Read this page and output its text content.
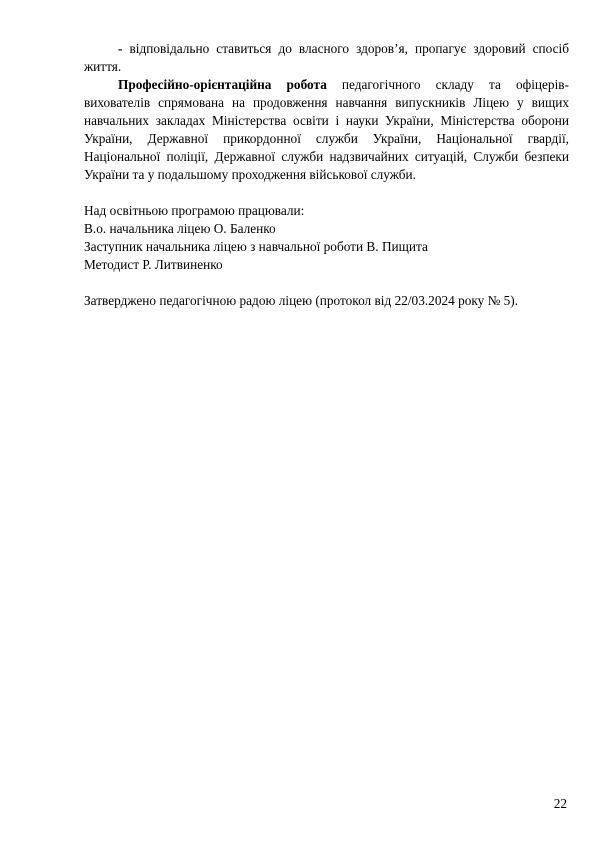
- відповідально ставиться до власного здоров’я, пропагує здоровий спосіб життя.

Професійно-орієнтаційна робота педагогічного складу та офіцерів-вихователів спрямована на продовження навчання випускників Ліцею у вищих навчальних закладах Міністерства освіти і науки України, Міністерства оборони України, Державної прикордонної служби України, Національної гвардії, Національної поліції, Державної служби надзвичайних ситуацій, Служби безпеки України та у подальшому проходження військової служби.

Над освітньою програмою працювали:

В.о. начальника ліцею О. Баленко

Заступник начальника ліцею з навчальної роботи В. Пищита

Методист Р. Литвиненко

Затверджено педагогічною радою ліцею (протокол від 22/03.2024 року № 5).

22
